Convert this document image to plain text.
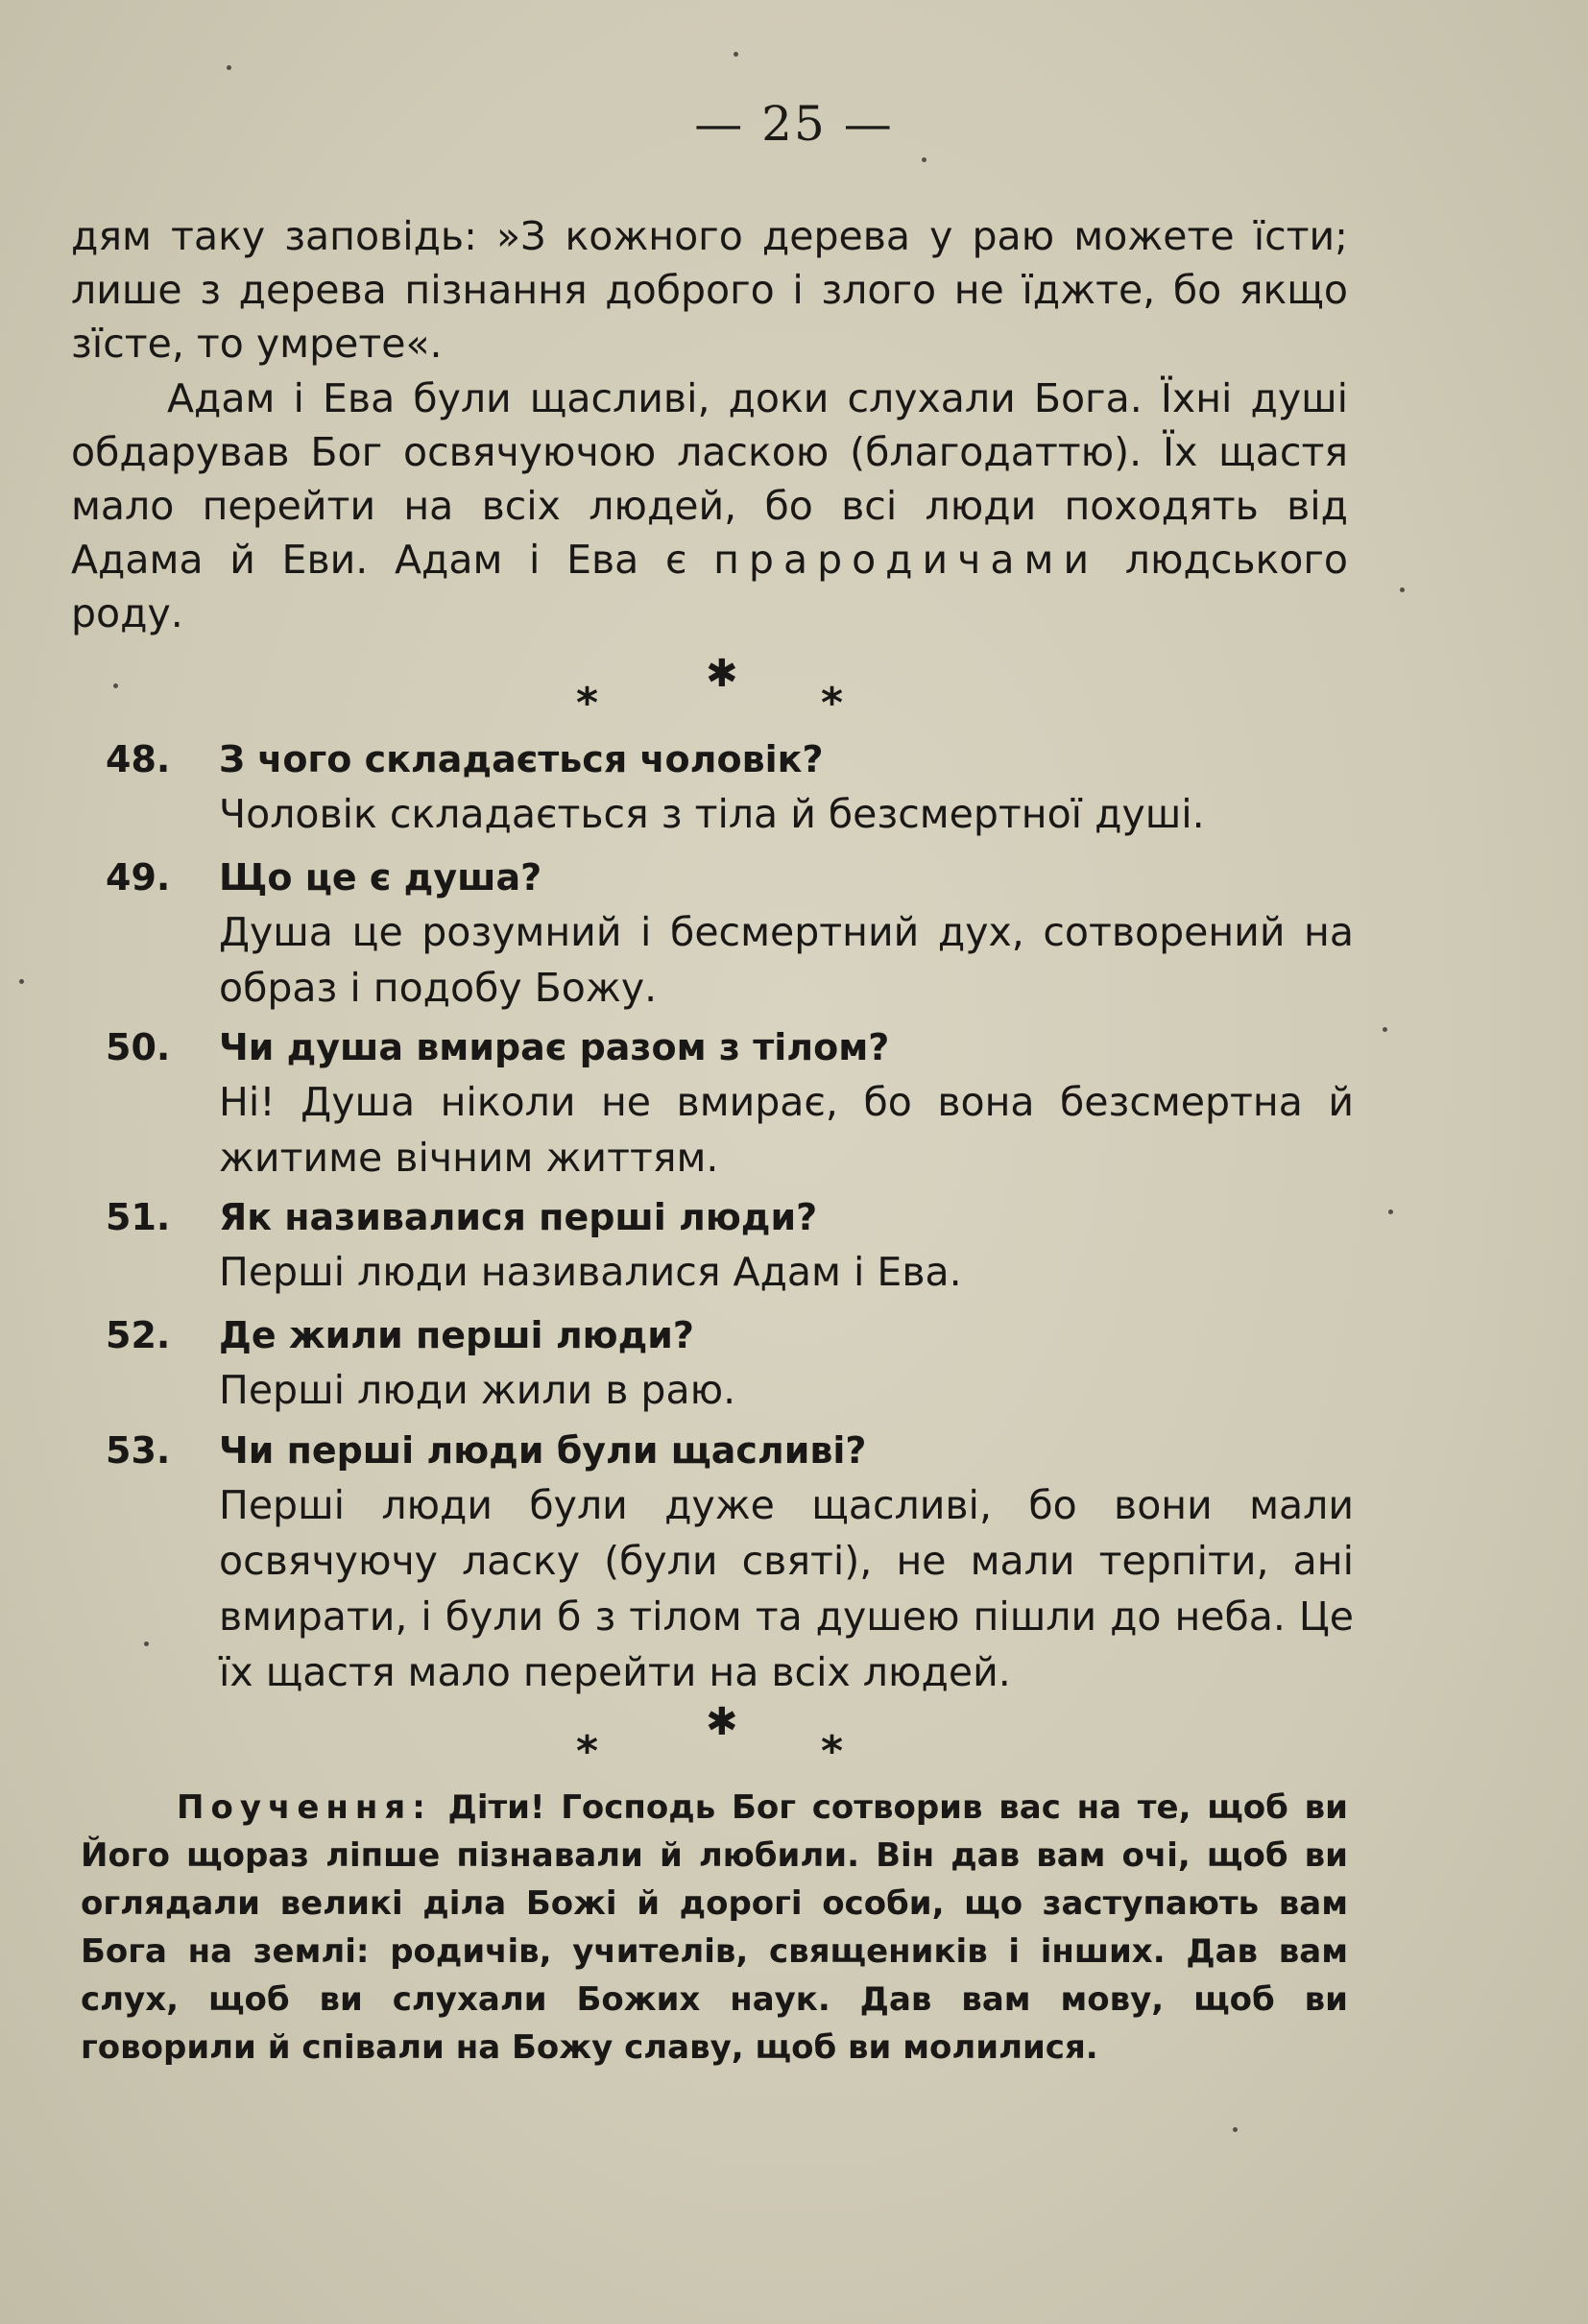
— 25 —
дям таку заповідь: »З кожного дерева у раю можете їсти; лише з дерева пізнання доброго і злого не їджте, бо якщо зїсте, то умрете«.
Адам і Ева були щасливі, доки слухали Бога. Їхні душі обдарував Бог освячуючою ласкою (благодаттю). Їх щастя мало перейти на всіх людей, бо всі люди походять від Адама й Еви. Адам і Ева є прародичами людського роду.
*
✱
*
48.	З чого складається чоловік?
Чоловік складається з тіла й безсмертної душі.
49.	Що це є душа?
Душа це розумний і бесмертний дух, сотворений на образ і подобу Божу.
50.	Чи душа вмирає разом з тілом?
Ні! Душа ніколи не вмирає, бо вона безсмертна й житиме вічним життям.
51.	Як називалися перші люди?
Перші люди називалися Адам і Ева.
52.	Де жили перші люди?
Перші люди жили в раю.
53.	Чи перші люди були щасливі?
Перші люди були дуже щасливі, бо вони мали освячуючу ласку (були святі), не мали терпіти, ані вмирати, і були б з тілом та душею пішли до неба. Це їх щастя мало перейти на всіх людей.
*
✱
*
Поучення: Діти! Господь Бог сотворив вас на те, щоб ви Його щораз ліпше пізнавали й любили. Він дав вам очі, щоб ви оглядали великі діла Божі й дорогі особи, що заступають вам Бога на землі: родичів, учителів, священиків і інших. Дав вам слух, щоб ви слухали Божих наук. Дав вам мову, щоб ви говорили й співали на Божу славу, щоб ви молилися.
